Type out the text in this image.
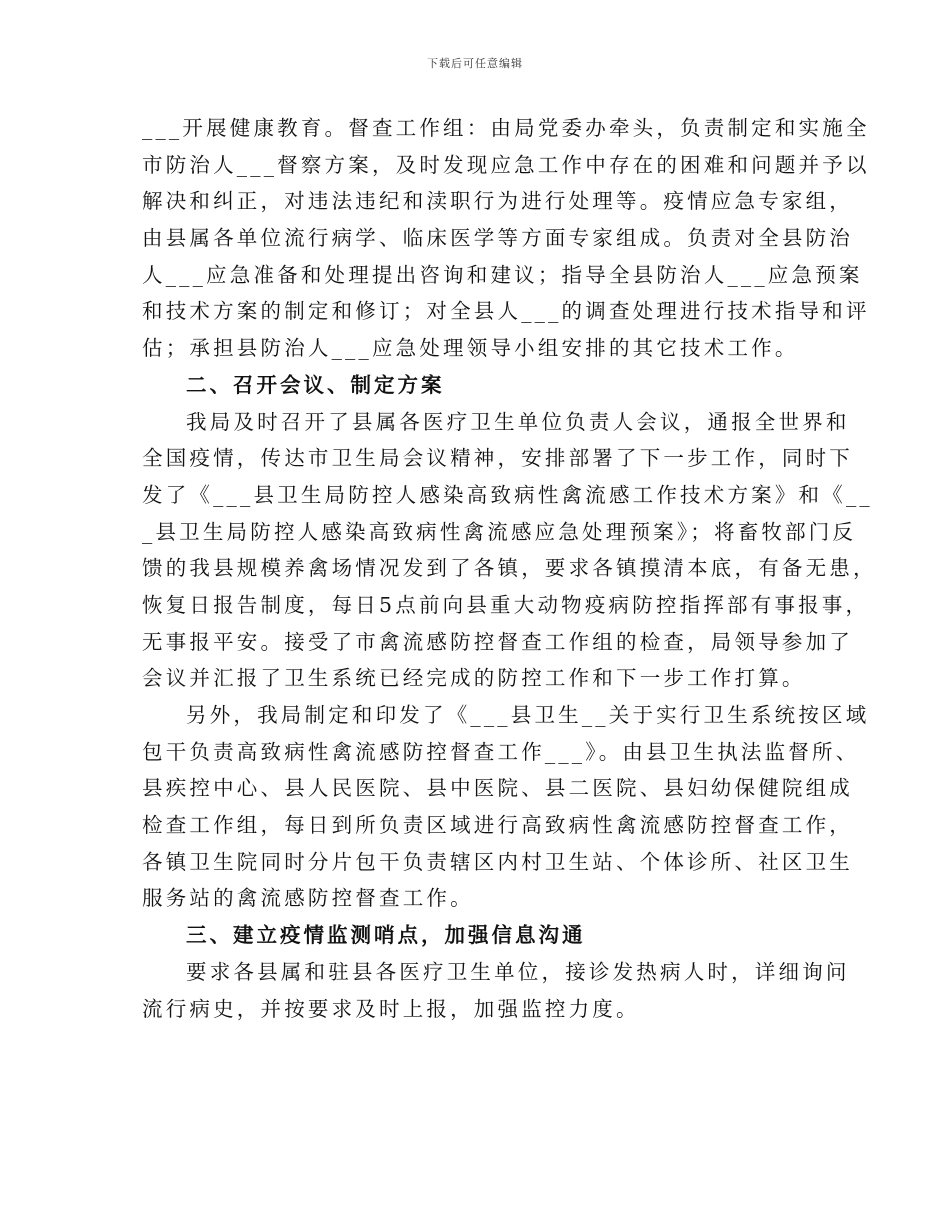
下载后可任意编辑
___开展健康教育。督查工作组：由局党委办牵头，负责制定和实施全
市防治人___督察方案，及时发现应急工作中存在的困难和问题并予以
解决和纠正，对违法违纪和渎职行为进行处理等。疫情应急专家组，
由县属各单位流行病学、临床医学等方面专家组成。负责对全县防治
人___应急准备和处理提出咨询和建议；指导全县防治人___应急预案
和技术方案的制定和修订；对全县人___的调查处理进行技术指导和评
估；承担县防治人___应急处理领导小组安排的其它技术工作。
二、召开会议、制定方案
我局及时召开了县属各医疗卫生单位负责人会议，通报全世界和
全国疫情，传达市卫生局会议精神，安排部署了下一步工作，同时下
发了《___县卫生局防控人感染高致病性禽流感工作技术方案》和《__
_县卫生局防控人感染高致病性禽流感应急处理预案》；将畜牧部门反
馈的我县规模养禽场情况发到了各镇，要求各镇摸清本底，有备无患，
恢复日报告制度，每日5点前向县重大动物疫病防控指挥部有事报事，
无事报平安。接受了市禽流感防控督查工作组的检查，局领导参加了
会议并汇报了卫生系统已经完成的防控工作和下一步工作打算。
另外，我局制定和印发了《___县卫生__关于实行卫生系统按区域
包干负责高致病性禽流感防控督查工作___》。由县卫生执法监督所、
县疾控中心、县人民医院、县中医院、县二医院、县妇幼保健院组成
检查工作组，每日到所负责区域进行高致病性禽流感防控督查工作，
各镇卫生院同时分片包干负责辖区内村卫生站、个体诊所、社区卫生
服务站的禽流感防控督查工作。
三、建立疫情监测哨点，加强信息沟通
要求各县属和驻县各医疗卫生单位，接诊发热病人时，详细询问
流行病史，并按要求及时上报，加强监控力度。
